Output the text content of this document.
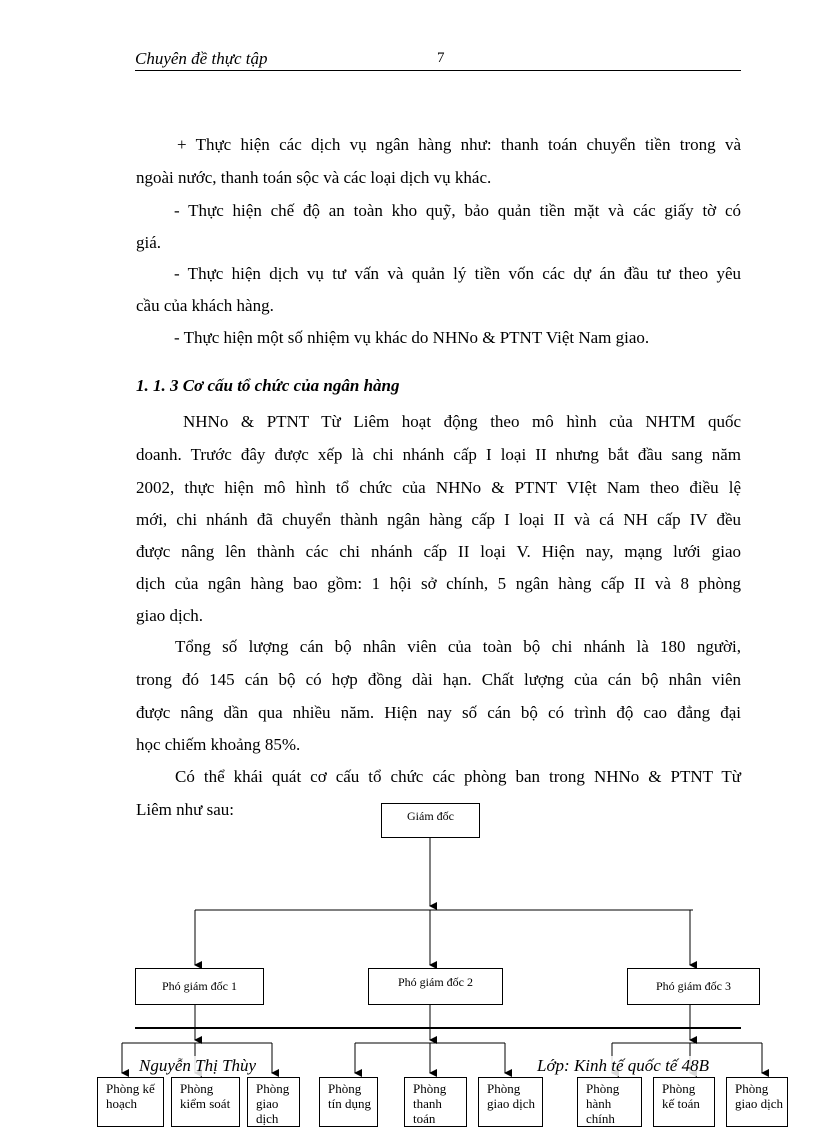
Chuyên đề thực tập	7
+ Thực hiện các dịch vụ ngân hàng như: thanh toán chuyển tiền trong và
ngoài nước, thanh toán sộc và các loại dịch vụ khác.
- Thực hiện chế độ an toàn kho quỹ, bảo quản tiền mặt và các giấy tờ có
giá.
- Thực hiện dịch vụ tư vấn và quản lý tiền vốn các dự án đầu tư theo yêu
cầu của khách hàng.
- Thực hiện một số nhiệm vụ khác do NHNo & PTNT Việt Nam giao.
1. 1. 3 Cơ cấu tổ chức của ngân hàng
NHNo & PTNT Từ Liêm hoạt động theo mô hình của NHTM quốc
doanh. Trước đây được xếp là chi nhánh cấp I loại II nhưng bắt đầu sang năm
2002, thực hiện mô hình tổ chức của NHNo & PTNT VIệt Nam theo điều lệ
mới, chi nhánh đã chuyển thành ngân hàng cấp I loại II và cá NH cấp IV đều
được nâng lên thành các chi nhánh cấp II loại V. Hiện nay, mạng lưới giao
dịch của ngân hàng bao gồm: 1 hội sở chính, 5 ngân hàng cấp II và 8 phòng
giao dịch.
Tổng số lượng cán bộ nhân viên của toàn bộ chi nhánh là 180 người,
trong đó 145 cán bộ có hợp đồng dài hạn. Chất lượng của cán bộ nhân viên
được nâng dần qua nhiều năm. Hiện nay số cán bộ có trình độ cao đẳng đại
học chiếm khoảng 85%.
Có thể khái quát cơ cấu tổ chức các phòng ban trong NHNo & PTNT Từ
Liêm như sau:	Giám đốc
Phó giám đốc 1	Phó giám đốc 2	Phó giám đốc 3
Phòng kế hoạch
Phòng kiểm soát
Phòng giao dịch
Phòng tín dụng
Phòng thanh toán
Phòng giao dịch
Phòng hành chính
Phòng kế toán
Phòng giao dịch
Nguyễn Thị Thùy	Lớp: Kinh tế quốc tế 48B
